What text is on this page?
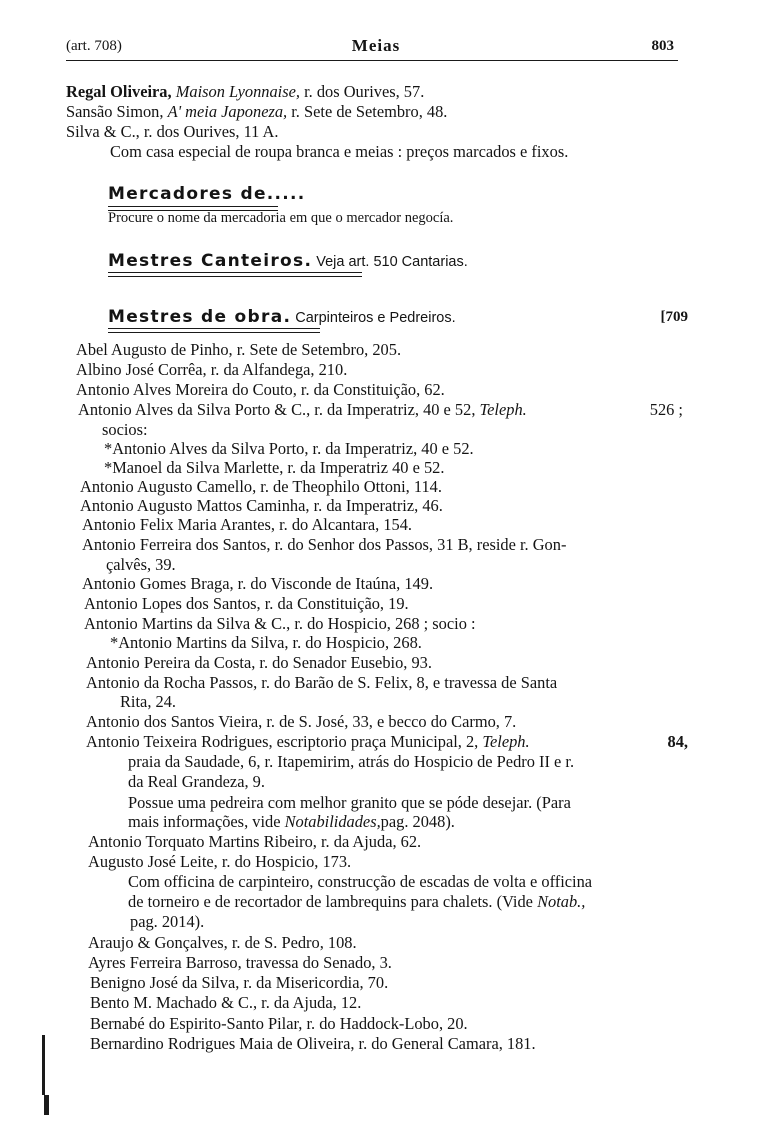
(art. 708)	Meias	803
Regal Oliveira, Maison Lyonnaise, r. dos Ourives, 57.
Sansão Simon, A' meia Japoneza, r. Sete de Setembro, 48.
Silva & C., r. dos Ourives, 11 A.
Com casa especial de roupa branca e meias : preços marcados e fixos.
Mercadores de.....
Procure o nome da mercadoria em que o mercador negocía.
Mestres Canteiros. Veja art. 510 Cantarias.
Mestres de obra. Carpinteiros e Pedreiros.	[709
Abel Augusto de Pinho, r. Sete de Setembro, 205.
Albino José Corrêa, r. da Alfandega, 210.
Antonio Alves Moreira do Couto, r. da Constituição, 62.
Antonio Alves da Silva Porto & C., r. da Imperatriz, 40 e 52, Teleph.	526 ;
socios:
*Antonio Alves da Silva Porto, r. da Imperatriz, 40 e 52.
*Manoel da Silva Marlette, r. da Imperatriz 40 e 52.
Antonio Augusto Camello, r. de Theophilo Ottoni, 114.
Antonio Augusto Mattos Caminha, r. da Imperatriz, 46.
Antonio Felix Maria Arantes, r. do Alcantara, 154.
Antonio Ferreira dos Santos, r. do Senhor dos Passos, 31 B, reside r. Gon-
çalvês, 39.
Antonio Gomes Braga, r. do Visconde de Itaúna, 149.
Antonio Lopes dos Santos, r. da Constituição, 19.
Antonio Martins da Silva & C., r. do Hospicio, 268 ; socio :
*Antonio Martins da Silva, r. do Hospicio, 268.
Antonio Pereira da Costa, r. do Senador Eusebio, 93.
Antonio da Rocha Passos, r. do Barão de S. Felix, 8, e travessa de Santa
Rita, 24.
Antonio dos Santos Vieira, r. de S. José, 33, e becco do Carmo, 7.
Antonio Teixeira Rodrigues, escriptorio praça Municipal, 2, Teleph.	84,
praia da Saudade, 6, r. Itapemirim, atrás do Hospicio de Pedro II e r.
da Real Grandeza, 9.
Possue uma pedreira com melhor granito que se póde desejar. (Para
mais informações, vide Notabilidades,pag. 2048).
Antonio Torquato Martins Ribeiro, r. da Ajuda, 62.
Augusto José Leite, r. do Hospicio, 173.
Com officina de carpinteiro, construcção de escadas de volta e officina
de torneiro e de recortador de lambrequins para chalets. (Vide Notab.,
pag. 2014).
Araujo & Gonçalves, r. de S. Pedro, 108.
Ayres Ferreira Barroso, travessa do Senado, 3.
Benigno José da Silva, r. da Misericordia, 70.
Bento M. Machado & C., r. da Ajuda, 12.
Bernabé do Espirito-Santo Pilar, r. do Haddock-Lobo, 20.
Bernardino Rodrigues Maia de Oliveira, r. do General Camara, 181.
